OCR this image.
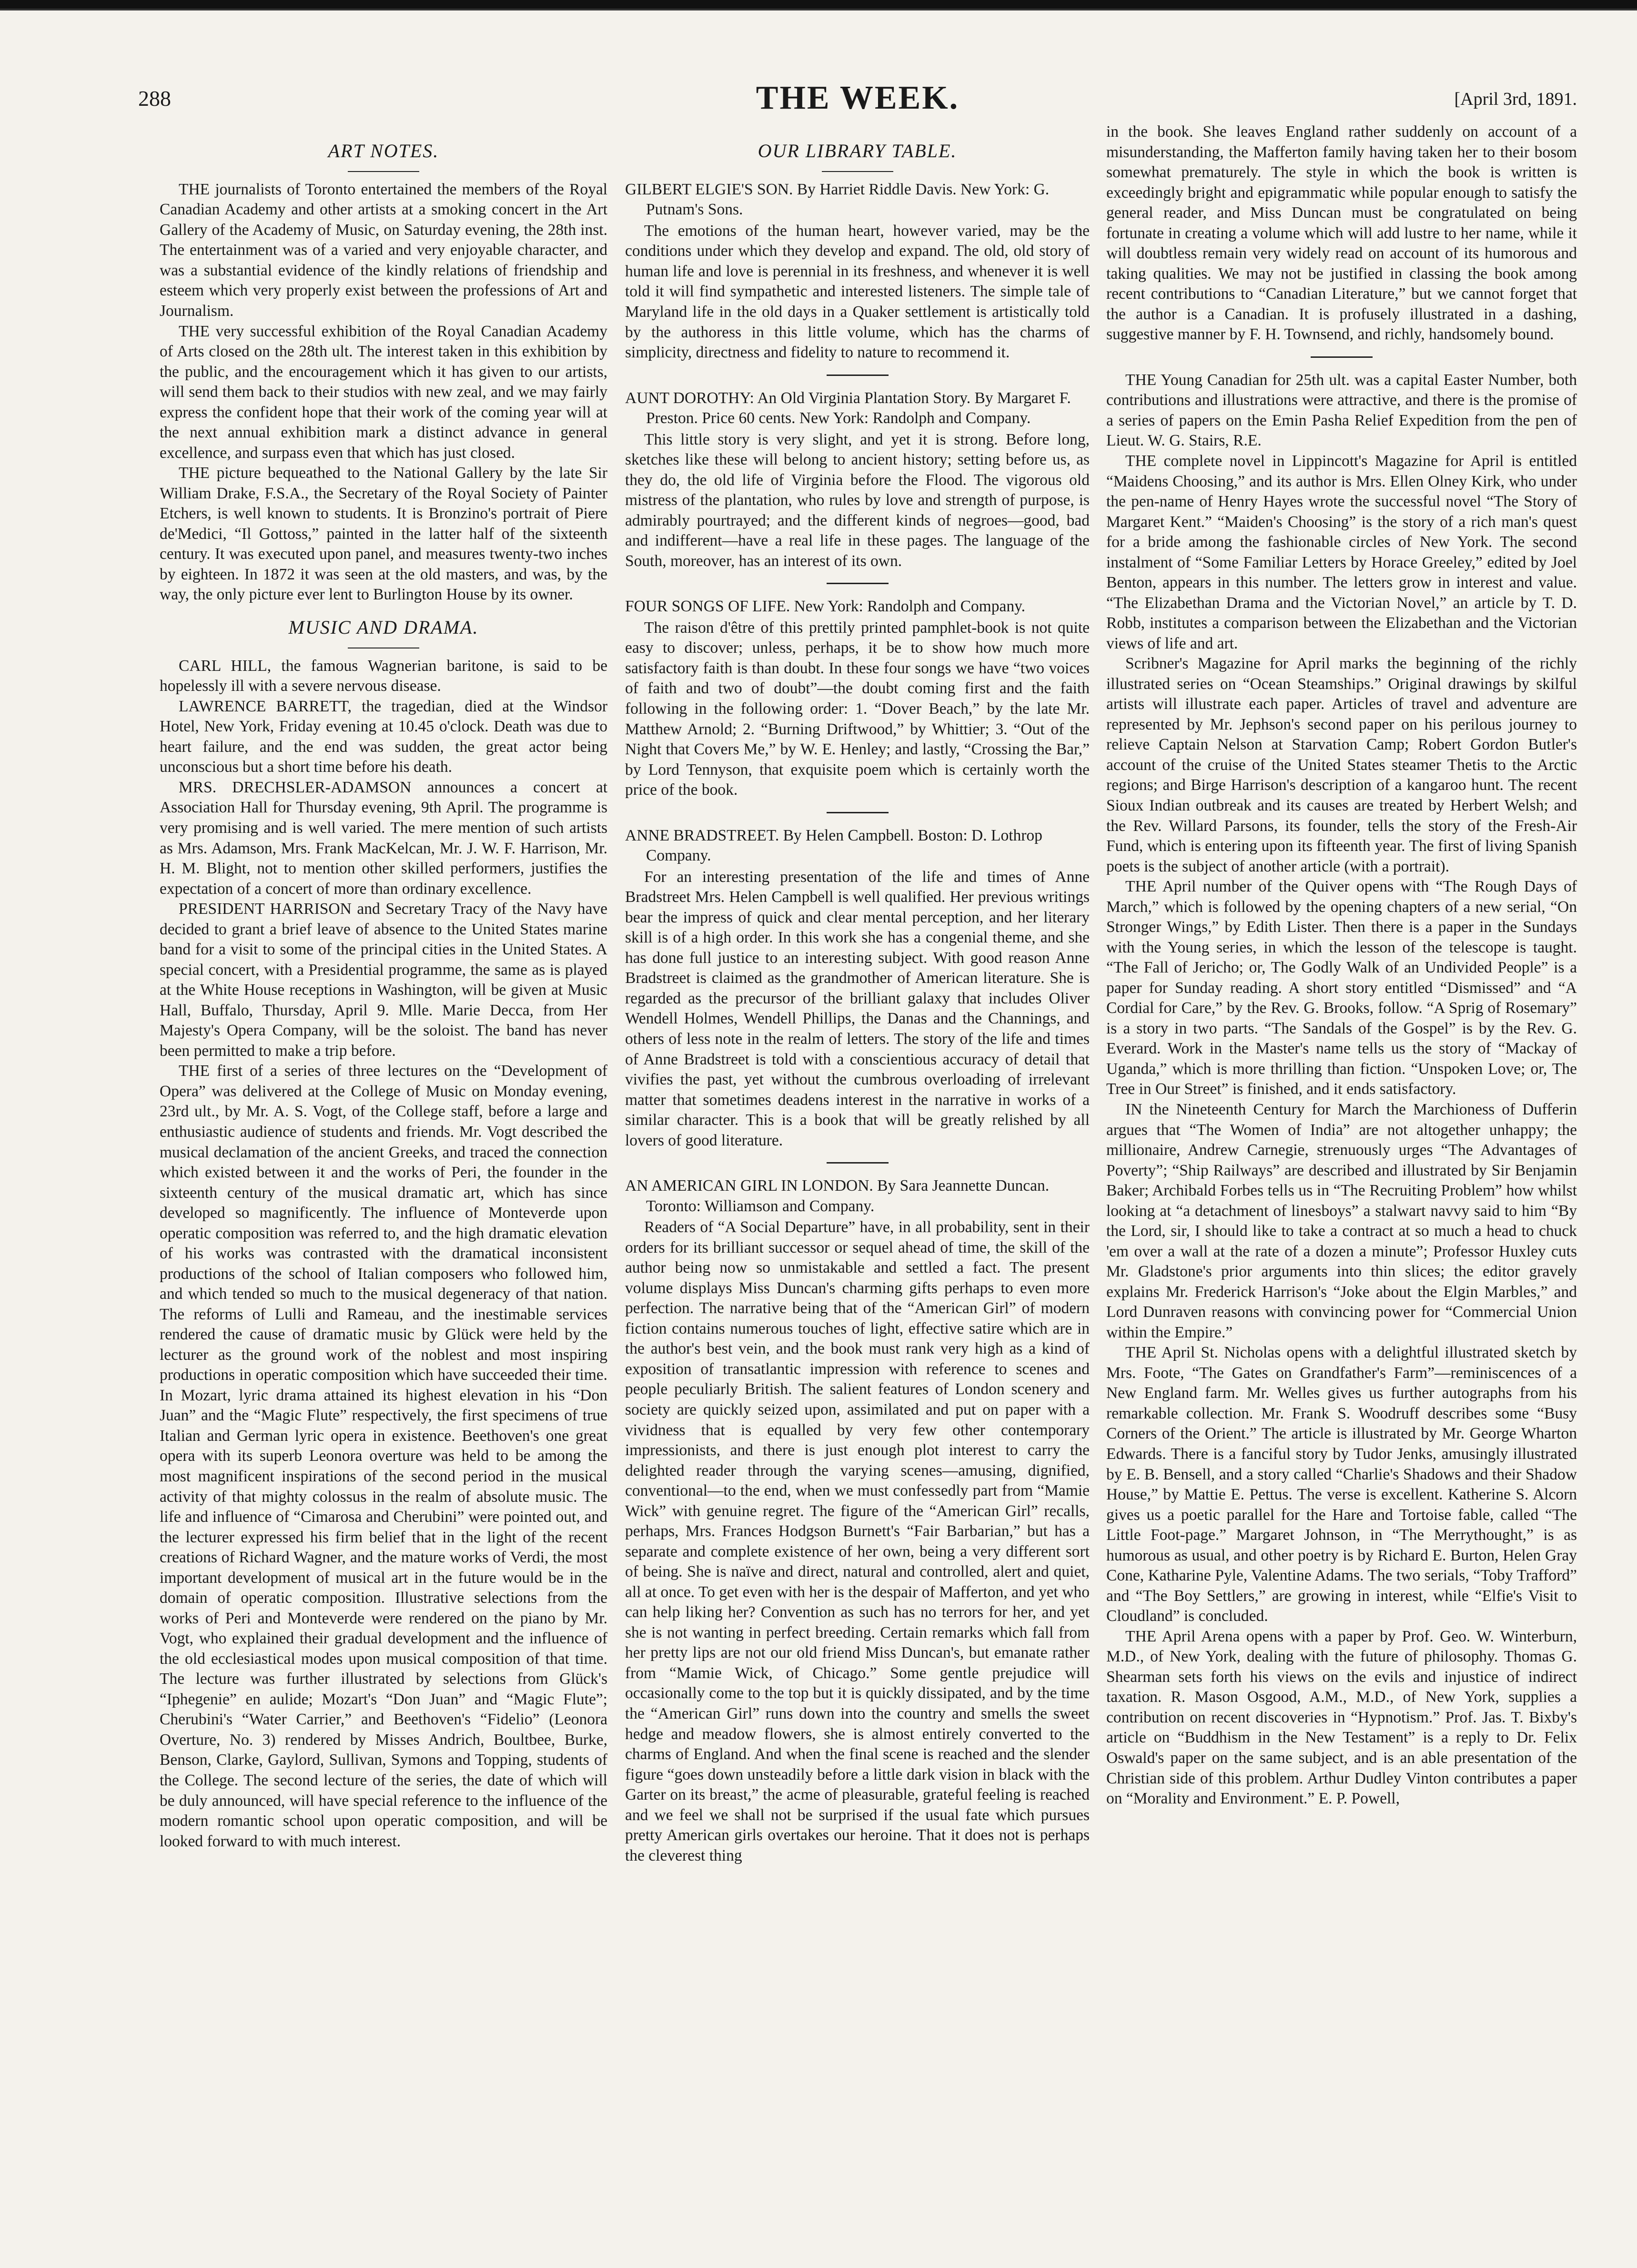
288	THE WEEK.	[April 3rd, 1891.
ART NOTES.

THE journalists of Toronto entertained the members of the Royal Canadian Academy and other artists at a smoking concert in the Art Gallery of the Academy of Music, on Saturday evening, the 28th inst. The entertainment was of a varied and very enjoyable character, and was a substantial evidence of the kindly relations of friendship and esteem which very properly exist between the professions of Art and Journalism.

THE very successful exhibition of the Royal Canadian Academy of Arts closed on the 28th ult. The interest taken in this exhibition by the public, and the encouragement which it has given to our artists, will send them back to their studios with new zeal, and we may fairly express the confident hope that their work of the coming year will at the next annual exhibition mark a distinct advance in general excellence, and surpass even that which has just closed.

THE picture bequeathed to the National Gallery by the late Sir William Drake, F.S.A., the Secretary of the Royal Society of Painter Etchers, is well known to students. It is Bronzino's portrait of Piere de'Medici, “Il Gottoss,” painted in the latter half of the sixteenth century. It was executed upon panel, and measures twenty-two inches by eighteen. In 1872 it was seen at the old masters, and was, by the way, the only picture ever lent to Burlington House by its owner.

MUSIC AND DRAMA.

CARL HILL, the famous Wagnerian baritone, is said to be hopelessly ill with a severe nervous disease.

LAWRENCE BARRETT, the tragedian, died at the Windsor Hotel, New York, Friday evening at 10.45 o'clock. Death was due to heart failure, and the end was sudden, the great actor being unconscious but a short time before his death.

MRS. DRECHSLER-ADAMSON announces a concert at Association Hall for Thursday evening, 9th April. The programme is very promising and is well varied. The mere mention of such artists as Mrs. Adamson, Mrs. Frank MacKelcan, Mr. J. W. F. Harrison, Mr. H. M. Blight, not to mention other skilled performers, justifies the expectation of a concert of more than ordinary excellence.

PRESIDENT HARRISON and Secretary Tracy of the Navy have decided to grant a brief leave of absence to the United States marine band for a visit to some of the principal cities in the United States. A special concert, with a Presidential programme, the same as is played at the White House receptions in Washington, will be given at Music Hall, Buffalo, Thursday, April 9. Mlle. Marie Decca, from Her Majesty's Opera Company, will be the soloist. The band has never been permitted to make a trip before.

THE first of a series of three lectures on the “Development of Opera” was delivered at the College of Music on Monday evening, 23rd ult., by Mr. A. S. Vogt, of the College staff, before a large and enthusiastic audience of students and friends. Mr. Vogt described the musical declamation of the ancient Greeks, and traced the connection which existed between it and the works of Peri, the founder in the sixteenth century of the musical dramatic art, which has since developed so magnificently. The influence of Monteverde upon operatic composition was referred to, and the high dramatic elevation of his works was contrasted with the dramatical inconsistent productions of the school of Italian composers who followed him, and which tended so much to the musical degeneracy of that nation. The reforms of Lulli and Rameau, and the inestimable services rendered the cause of dramatic music by Glück were held by the lecturer as the ground work of the noblest and most inspiring productions in operatic composition which have succeeded their time. In Mozart, lyric drama attained its highest elevation in his “Don Juan” and the “Magic Flute” respectively, the first specimens of true Italian and German lyric opera in existence. Beethoven's one great opera with its superb Leonora overture was held to be among the most magnificent inspirations of the second period in the musical activity of that mighty colossus in the realm of absolute music. The life and influence of “Cimarosa and Cherubini” were pointed out, and the lecturer expressed his firm belief that in the light of the recent creations of Richard Wagner, and the mature works of Verdi, the most important development of musical art in the future would be in the domain of operatic composition. Illustrative selections from the works of Peri and Monteverde were rendered on the piano by Mr. Vogt, who explained their gradual development and the influence of the old ecclesiastical modes upon musical composition of that time. The lecture was further illustrated by selections from Glück's “Iphegenie” en aulide; Mozart's “Don Juan” and “Magic Flute”; Cherubini's “Water Carrier,” and Beethoven's “Fidelio” (Leonora Overture, No. 3) rendered by Misses Andrich, Boultbee, Burke, Benson, Clarke, Gaylord, Sullivan, Symons and Topping, students of the College. The second lecture of the series, the date of which will be duly announced, will have special reference to the influence of the modern romantic school upon operatic composition, and will be looked forward to with much interest.

OUR LIBRARY TABLE.
GILBERT ELGIE'S SON. By Harriet Riddle Davis. New York: G. Putnam's Sons.

The emotions of the human heart, however varied, may be the conditions under which they develop and expand. The old, old story of human life and love is perennial in its freshness, and whenever it is well told it will find sympathetic and interested listeners. The simple tale of Maryland life in the old days in a Quaker settlement is artistically told by the authoress in this little volume, which has the charms of simplicity, directness and fidelity to nature to recommend it.

AUNT DOROTHY: An Old Virginia Plantation Story. By Margaret F. Preston. Price 60 cents. New York: Randolph and Company.

This little story is very slight, and yet it is strong. Before long, sketches like these will belong to ancient history; setting before us, as they do, the old life of Virginia before the Flood. The vigorous old mistress of the plantation, who rules by love and strength of purpose, is admirably pourtrayed; and the different kinds of negroes—good, bad and indifferent—have a real life in these pages. The language of the South, moreover, has an interest of its own.

FOUR SONGS OF LIFE. New York: Randolph and Company.

The raison d'être of this prettily printed pamphlet-book is not quite easy to discover; unless, perhaps, it be to show how much more satisfactory faith is than doubt. In these four songs we have “two voices of faith and two of doubt”—the doubt coming first and the faith following in the following order: 1. “Dover Beach,” by the late Mr. Matthew Arnold; 2. “Burning Driftwood,” by Whittier; 3. “Out of the Night that Covers Me,” by W. E. Henley; and lastly, “Crossing the Bar,” by Lord Tennyson, that exquisite poem which is certainly worth the price of the book.

ANNE BRADSTREET. By Helen Campbell. Boston: D. Lothrop Company.

For an interesting presentation of the life and times of Anne Bradstreet Mrs. Helen Campbell is well qualified. Her previous writings bear the impress of quick and clear mental perception, and her literary skill is of a high order. In this work she has a congenial theme, and she has done full justice to an interesting subject. With good reason Anne Bradstreet is claimed as the grandmother of American literature. She is regarded as the precursor of the brilliant galaxy that includes Oliver Wendell Holmes, Wendell Phillips, the Danas and the Channings, and others of less note in the realm of letters. The story of the life and times of Anne Bradstreet is told with a conscientious accuracy of detail that vivifies the past, yet without the cumbrous overloading of irrelevant matter that sometimes deadens interest in the narrative in works of a similar character. This is a book that will be greatly relished by all lovers of good literature.

AN AMERICAN GIRL IN LONDON. By Sara Jeannette Duncan. Toronto: Williamson and Company.

Readers of “A Social Departure” have, in all probability, sent in their orders for its brilliant successor or sequel ahead of time, the skill of the author being now so unmistakable and settled a fact. The present volume displays Miss Duncan's charming gifts perhaps to even more perfection. The narrative being that of the “American Girl” of modern fiction contains numerous touches of light, effective satire which are in the author's best vein, and the book must rank very high as a kind of exposition of transatlantic impression with reference to scenes and people peculiarly British. The salient features of London scenery and society are quickly seized upon, assimilated and put on paper with a vividness that is equalled by very few other contemporary impressionists, and there is just enough plot interest to carry the delighted reader through the varying scenes—amusing, dignified, conventional—to the end, when we must confessedly part from “Mamie Wick” with genuine regret. The figure of the “American Girl” recalls, perhaps, Mrs. Frances Hodgson Burnett's “Fair Barbarian,” but has a separate and complete existence of her own, being a very different sort of being. She is naïve and direct, natural and controlled, alert and quiet, all at once. To get even with her is the despair of Mafferton, and yet who can help liking her? Convention as such has no terrors for her, and yet she is not wanting in perfect breeding. Certain remarks which fall from her pretty lips are not our old friend Miss Duncan's, but emanate rather from “Mamie Wick, of Chicago.” Some gentle prejudice will occasionally come to the top but it is quickly dissipated, and by the time the “American Girl” runs down into the country and smells the sweet hedge and meadow flowers, she is almost entirely converted to the charms of England. And when the final scene is reached and the slender figure “goes down unsteadily before a little dark vision in black with the Garter on its breast,” the acme of pleasurable, grateful feeling is reached and we feel we shall not be surprised if the usual fate which pursues pretty American girls overtakes our heroine. That it does not is perhaps the cleverest thing

in the book. She leaves England rather suddenly on account of a misunderstanding, the Mafferton family having taken her to their bosom somewhat prematurely. The style in which the book is written is exceedingly bright and epigrammatic while popular enough to satisfy the general reader, and Miss Duncan must be congratulated on being fortunate in creating a volume which will add lustre to her name, while it will doubtless remain very widely read on account of its humorous and taking qualities. We may not be justified in classing the book among recent contributions to “Canadian Literature,” but we cannot forget that the author is a Canadian. It is profusely illustrated in a dashing, suggestive manner by F. H. Townsend, and richly, handsomely bound.

THE Young Canadian for 25th ult. was a capital Easter Number, both contributions and illustrations were attractive, and there is the promise of a series of papers on the Emin Pasha Relief Expedition from the pen of Lieut. W. G. Stairs, R.E.

THE complete novel in Lippincott's Magazine for April is entitled “Maidens Choosing,” and its author is Mrs. Ellen Olney Kirk, who under the pen-name of Henry Hayes wrote the successful novel “The Story of Margaret Kent.” “Maiden's Choosing” is the story of a rich man's quest for a bride among the fashionable circles of New York. The second instalment of “Some Familiar Letters by Horace Greeley,” edited by Joel Benton, appears in this number. The letters grow in interest and value. “The Elizabethan Drama and the Victorian Novel,” an article by T. D. Robb, institutes a comparison between the Elizabethan and the Victorian views of life and art.

Scribner's Magazine for April marks the beginning of the richly illustrated series on “Ocean Steamships.” Original drawings by skilful artists will illustrate each paper. Articles of travel and adventure are represented by Mr. Jephson's second paper on his perilous journey to relieve Captain Nelson at Starvation Camp; Robert Gordon Butler's account of the cruise of the United States steamer Thetis to the Arctic regions; and Birge Harrison's description of a kangaroo hunt. The recent Sioux Indian outbreak and its causes are treated by Herbert Welsh; and the Rev. Willard Parsons, its founder, tells the story of the Fresh-Air Fund, which is entering upon its fifteenth year. The first of living Spanish poets is the subject of another article (with a portrait).

THE April number of the Quiver opens with “The Rough Days of March,” which is followed by the opening chapters of a new serial, “On Stronger Wings,” by Edith Lister. Then there is a paper in the Sundays with the Young series, in which the lesson of the telescope is taught. “The Fall of Jericho; or, The Godly Walk of an Undivided People” is a paper for Sunday reading. A short story entitled “Dismissed” and “A Cordial for Care,” by the Rev. G. Brooks, follow. “A Sprig of Rosemary” is a story in two parts. “The Sandals of the Gospel” is by the Rev. G. Everard. Work in the Master's name tells us the story of “Mackay of Uganda,” which is more thrilling than fiction. “Unspoken Love; or, The Tree in Our Street” is finished, and it ends satisfactory.

IN the Nineteenth Century for March the Marchioness of Dufferin argues that “The Women of India” are not altogether unhappy; the millionaire, Andrew Carnegie, strenuously urges “The Advantages of Poverty”; “Ship Railways” are described and illustrated by Sir Benjamin Baker; Archibald Forbes tells us in “The Recruiting Problem” how whilst looking at “a detachment of linesboys” a stalwart navvy said to him “By the Lord, sir, I should like to take a contract at so much a head to chuck 'em over a wall at the rate of a dozen a minute”; Professor Huxley cuts Mr. Gladstone's prior arguments into thin slices; the editor gravely explains Mr. Frederick Harrison's “Joke about the Elgin Marbles,” and Lord Dunraven reasons with convincing power for “Commercial Union within the Empire.”

THE April St. Nicholas opens with a delightful illustrated sketch by Mrs. Foote, “The Gates on Grandfather's Farm”—reminiscences of a New England farm. Mr. Welles gives us further autographs from his remarkable collection. Mr. Frank S. Woodruff describes some “Busy Corners of the Orient.” The article is illustrated by Mr. George Wharton Edwards. There is a fanciful story by Tudor Jenks, amusingly illustrated by E. B. Bensell, and a story called “Charlie's Shadows and their Shadow House,” by Mattie E. Pettus. The verse is excellent. Katherine S. Alcorn gives us a poetic parallel for the Hare and Tortoise fable, called “The Little Foot-page.” Margaret Johnson, in “The Merrythought,” is as humorous as usual, and other poetry is by Richard E. Burton, Helen Gray Cone, Katharine Pyle, Valentine Adams. The two serials, “Toby Trafford” and “The Boy Settlers,” are growing in interest, while “Elfie's Visit to Cloudland” is concluded.

THE April Arena opens with a paper by Prof. Geo. W. Winterburn, M.D., of New York, dealing with the future of philosophy. Thomas G. Shearman sets forth his views on the evils and injustice of indirect taxation. R. Mason Osgood, A.M., M.D., of New York, supplies a contribution on recent discoveries in “Hypnotism.” Prof. Jas. T. Bixby's article on “Buddhism in the New Testament” is a reply to Dr. Felix Oswald's paper on the same subject, and is an able presentation of the Christian side of this problem. Arthur Dudley Vinton contributes a paper on “Morality and Environment.” E. P. Powell,
